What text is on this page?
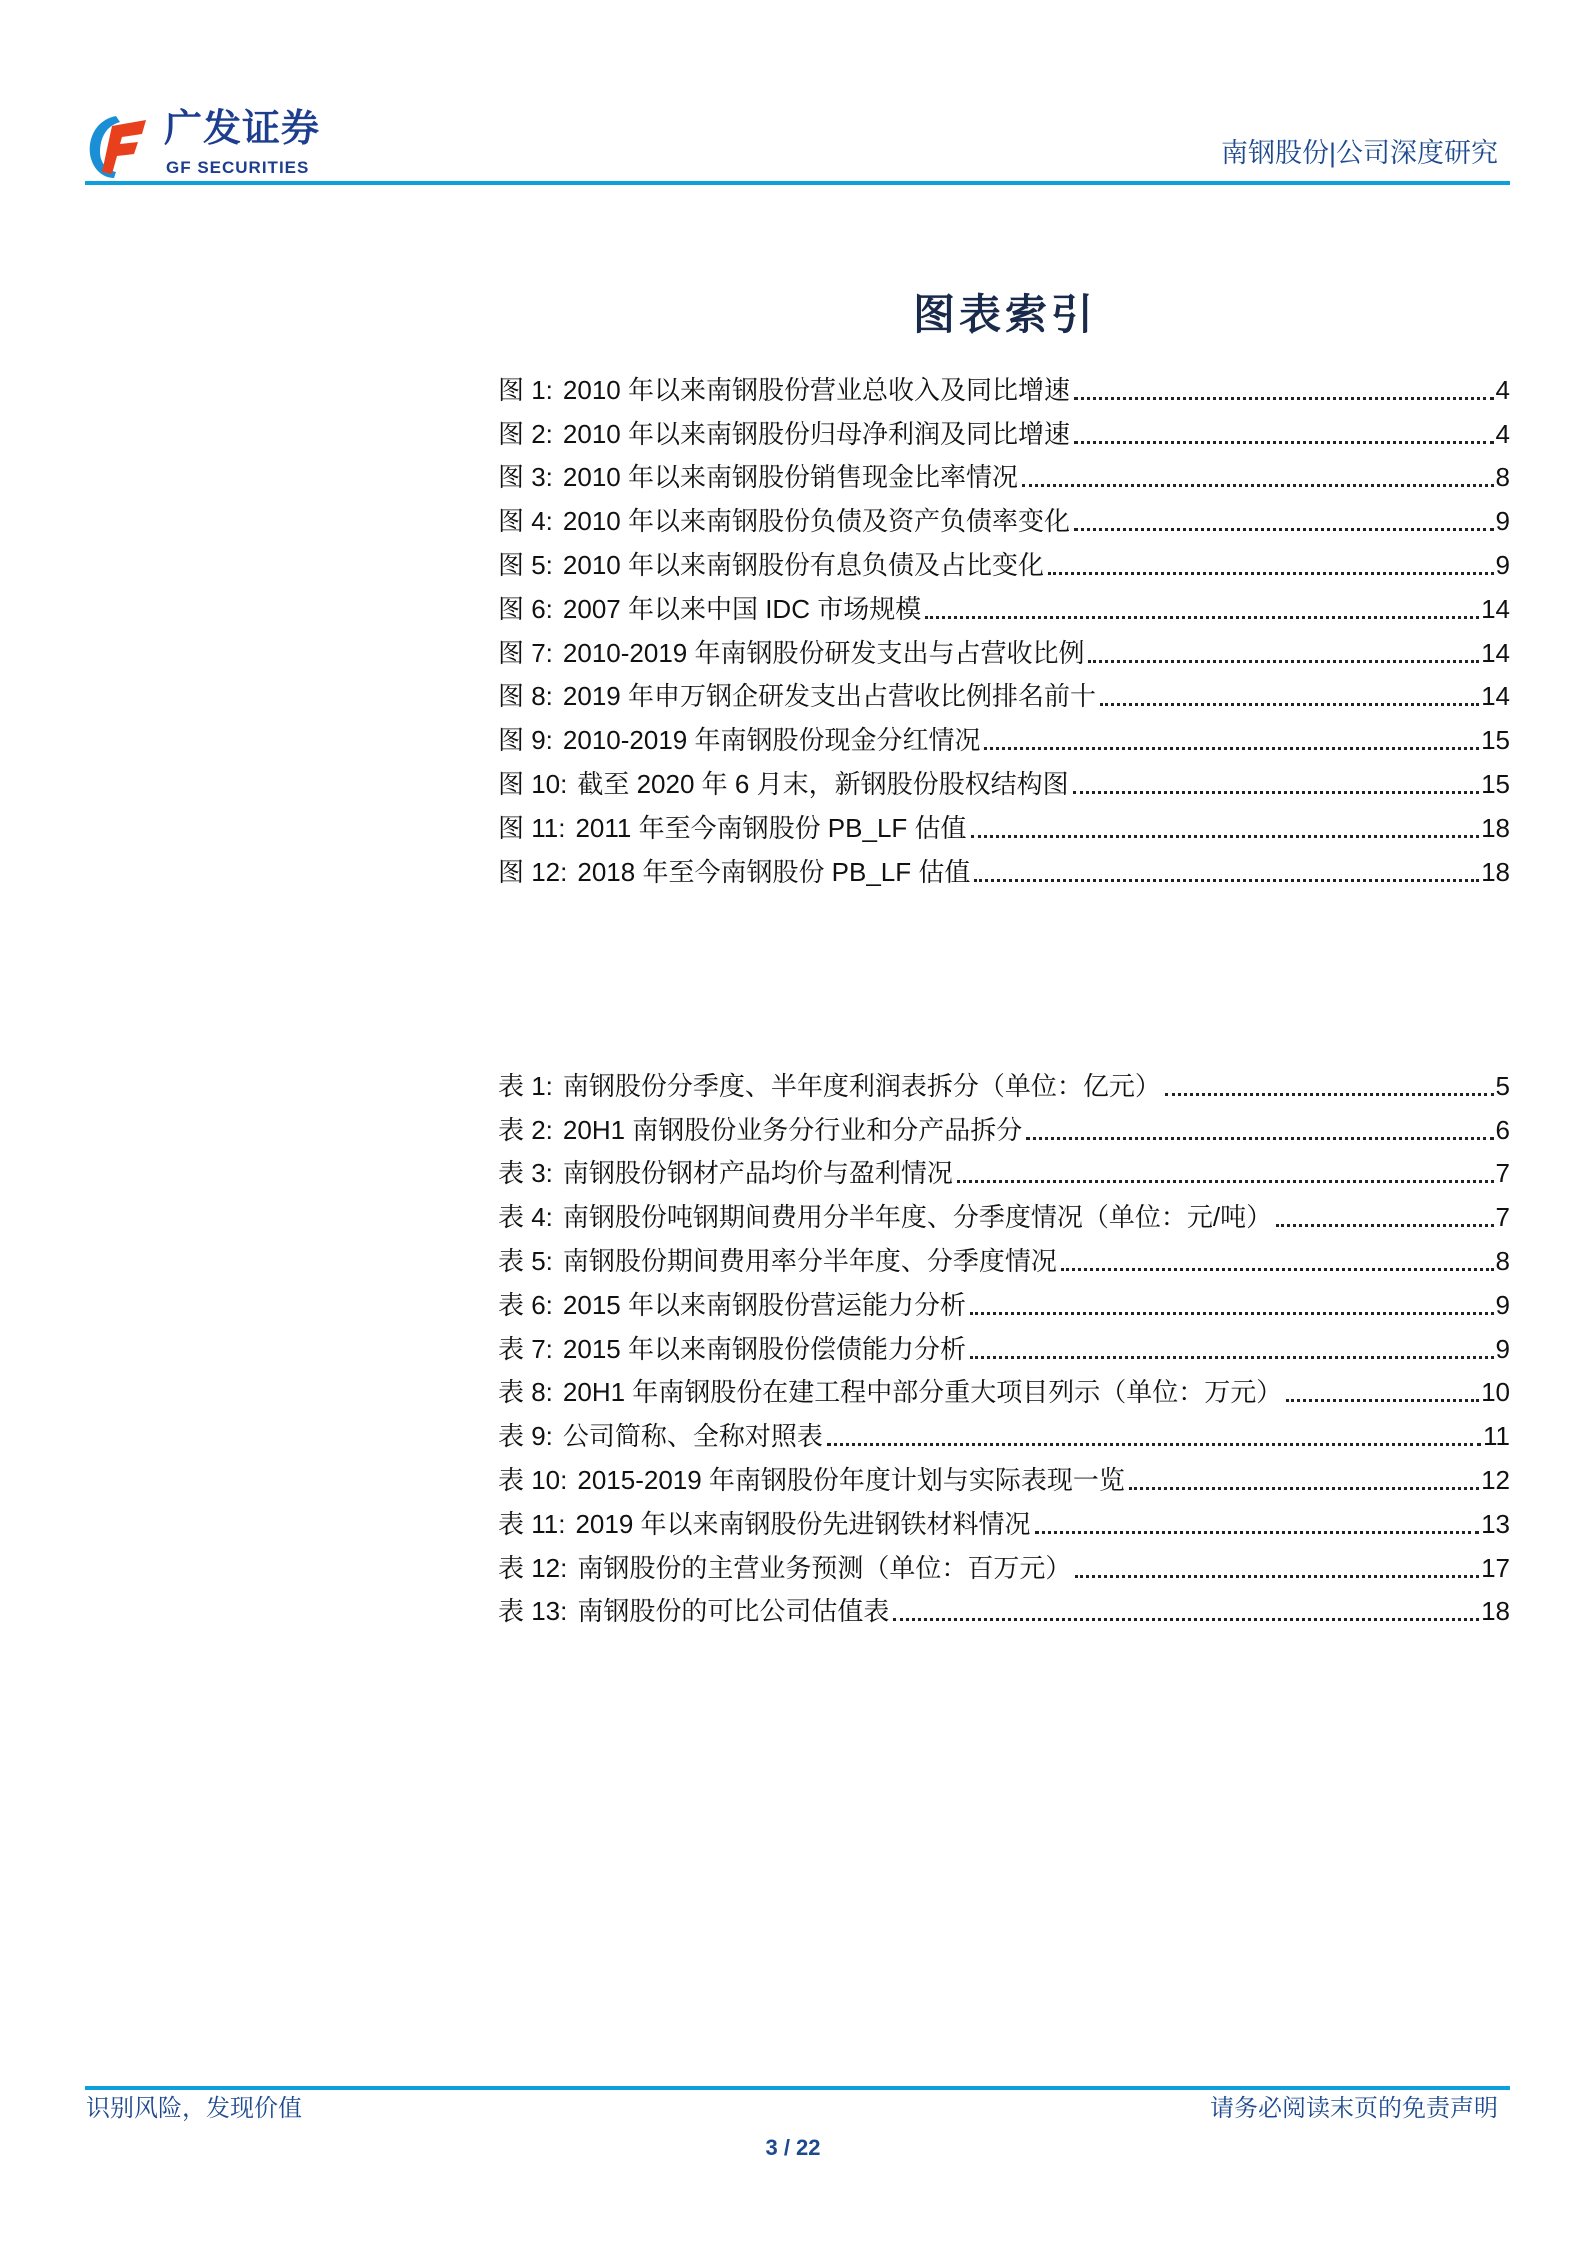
广发证券
GF SECURITIES	南钢股份|公司深度研究
图表索引
图 1: 2010 年以来南钢股份营业总收入及同比增速	4
图 2: 2010 年以来南钢股份归母净利润及同比增速	4
图 3: 2010 年以来南钢股份销售现金比率情况	8
图 4: 2010 年以来南钢股份负债及资产负债率变化	9
图 5: 2010 年以来南钢股份有息负债及占比变化	9
图 6: 2007 年以来中国 IDC 市场规模	14
图 7: 2010-2019 年南钢股份研发支出与占营收比例	14
图 8: 2019 年申万钢企研发支出占营收比例排名前十	14
图 9: 2010-2019 年南钢股份现金分红情况	15
图 10: 截至 2020 年 6 月末，新钢股份股权结构图	15
图 11: 2011 年至今南钢股份 PB_LF 估值	18
图 12: 2018 年至今南钢股份 PB_LF 估值	18
表 1: 南钢股份分季度、半年度利润表拆分（单位：亿元）	5
表 2: 20H1 南钢股份业务分行业和分产品拆分	6
表 3: 南钢股份钢材产品均价与盈利情况	7
表 4: 南钢股份吨钢期间费用分半年度、分季度情况（单位：元/吨）	7
表 5: 南钢股份期间费用率分半年度、分季度情况	8
表 6: 2015 年以来南钢股份营运能力分析	9
表 7: 2015 年以来南钢股份偿债能力分析	9
表 8: 20H1 年南钢股份在建工程中部分重大项目列示（单位：万元）	10
表 9: 公司简称、全称对照表	11
表 10: 2015-2019 年南钢股份年度计划与实际表现一览	12
表 11: 2019 年以来南钢股份先进钢铁材料情况	13
表 12: 南钢股份的主营业务预测（单位：百万元）	17
表 13: 南钢股份的可比公司估值表	18
识别风险，发现价值	请务必阅读末页的免责声明
3 / 22
